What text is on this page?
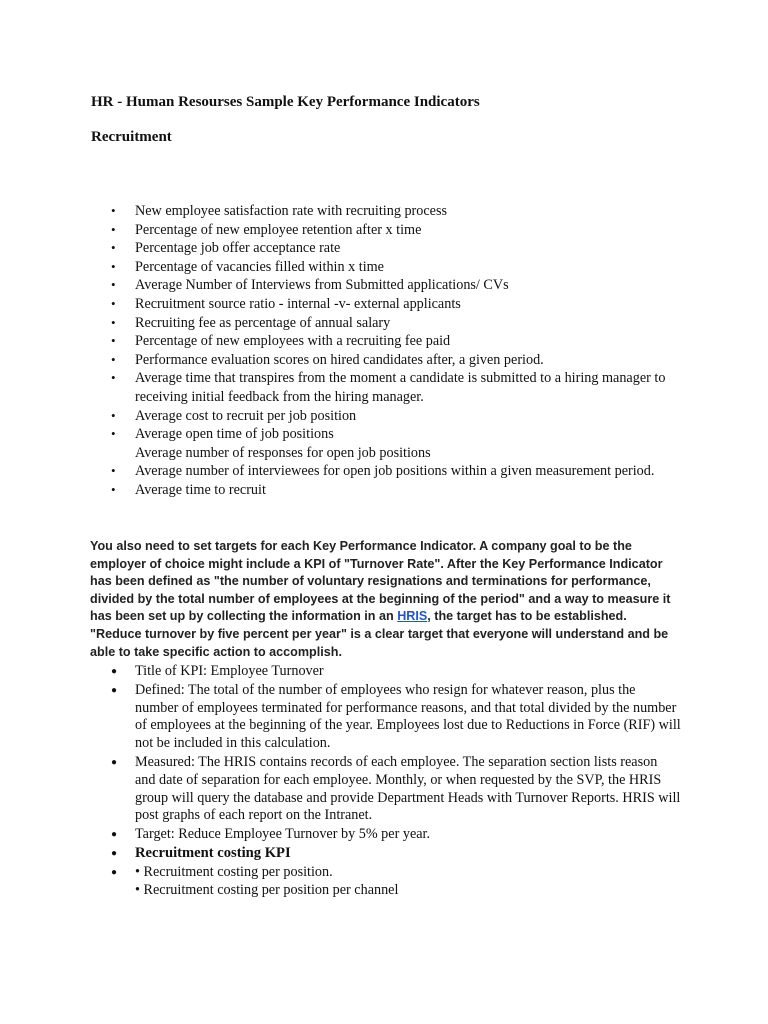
HR - Human Resourses Sample Key Performance Indicators

Recruitment

• New employee satisfaction rate with recruiting process
• Percentage of new employee retention after x time
• Percentage job offer acceptance rate
• Percentage of vacancies filled within x time
• Average Number of Interviews from Submitted applications/ CVs
• Recruitment source ratio - internal -v- external applicants
• Recruiting fee as percentage of annual salary
• Percentage of new employees with a recruiting fee paid
• Performance evaluation scores on hired candidates after, a given period.
• Average time that transpires from the moment a candidate is submitted to a hiring manager to receiving initial feedback from the hiring manager.
• Average cost to recruit per job position
• Average open time of job positions
Average number of responses for open job positions
• Average number of interviewees for open job positions within a given measurement period.
• Average time to recruit

You also need to set targets for each Key Performance Indicator. A company goal to be the employer of choice might include a KPI of "Turnover Rate". After the Key Performance Indicator has been defined as "the number of voluntary resignations and terminations for performance, divided by the total number of employees at the beginning of the period" and a way to measure it has been set up by collecting the information in an HRIS, the target has to be established. "Reduce turnover by five percent per year" is a clear target that everyone will understand and be able to take specific action to accomplish.

● Title of KPI: Employee Turnover
● Defined: The total of the number of employees who resign for whatever reason, plus the number of employees terminated for performance reasons, and that total divided by the number of employees at the beginning of the year. Employees lost due to Reductions in Force (RIF) will not be included in this calculation.
● Measured: The HRIS contains records of each employee. The separation section lists reason and date of separation for each employee. Monthly, or when requested by the SVP, the HRIS group will query the database and provide Department Heads with Turnover Reports. HRIS will post graphs of each report on the Intranet.
● Target: Reduce Employee Turnover by 5% per year.
● Recruitment costing KPI
● • Recruitment costing per position.
• Recruitment costing per position per channel
